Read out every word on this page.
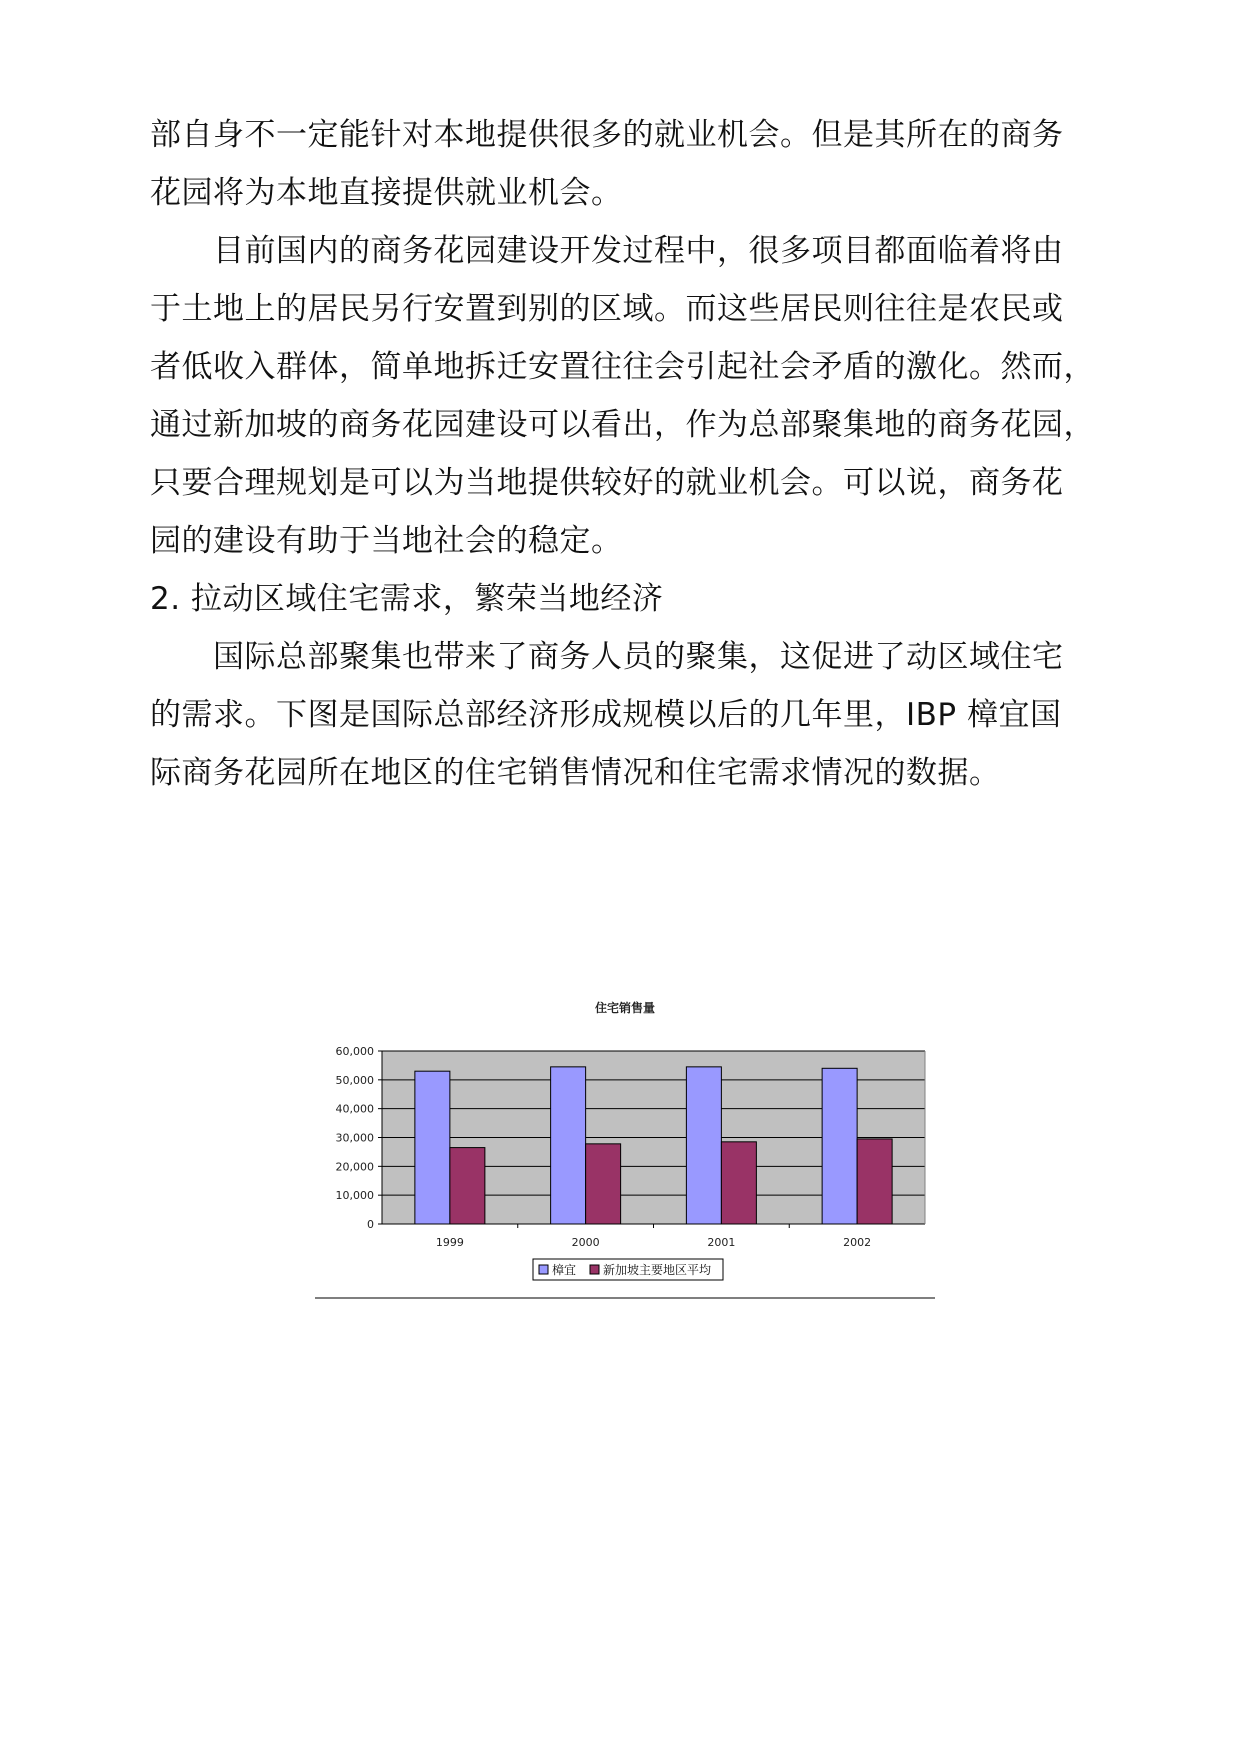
部自身不一定能针对本地提供很多的就业机会。但是其所在的商务
花园将为本地直接提供就业机会。
　　目前国内的商务花园建设开发过程中，很多项目都面临着将由
于土地上的居民另行安置到别的区域。而这些居民则往往是农民或
者低收入群体，简单地拆迁安置往往会引起社会矛盾的激化。然而，
通过新加坡的商务花园建设可以看出，作为总部聚集地的商务花园，
只要合理规划是可以为当地提供较好的就业机会。可以说，商务花
园的建设有助于当地社会的稳定。
2. 拉动区域住宅需求，繁荣当地经济
　　国际总部聚集也带来了商务人员的聚集，这促进了动区域住宅
的需求。下图是国际总部经济形成规模以后的几年里，IBP 樟宜国
际商务花园所在地区的住宅销售情况和住宅需求情况的数据。
住宅销售量
60,000
50,000
40,000
30,000
20,000
10,000
0
1999	2000	2001	2002
樟宜 新加坡主要地区平均
